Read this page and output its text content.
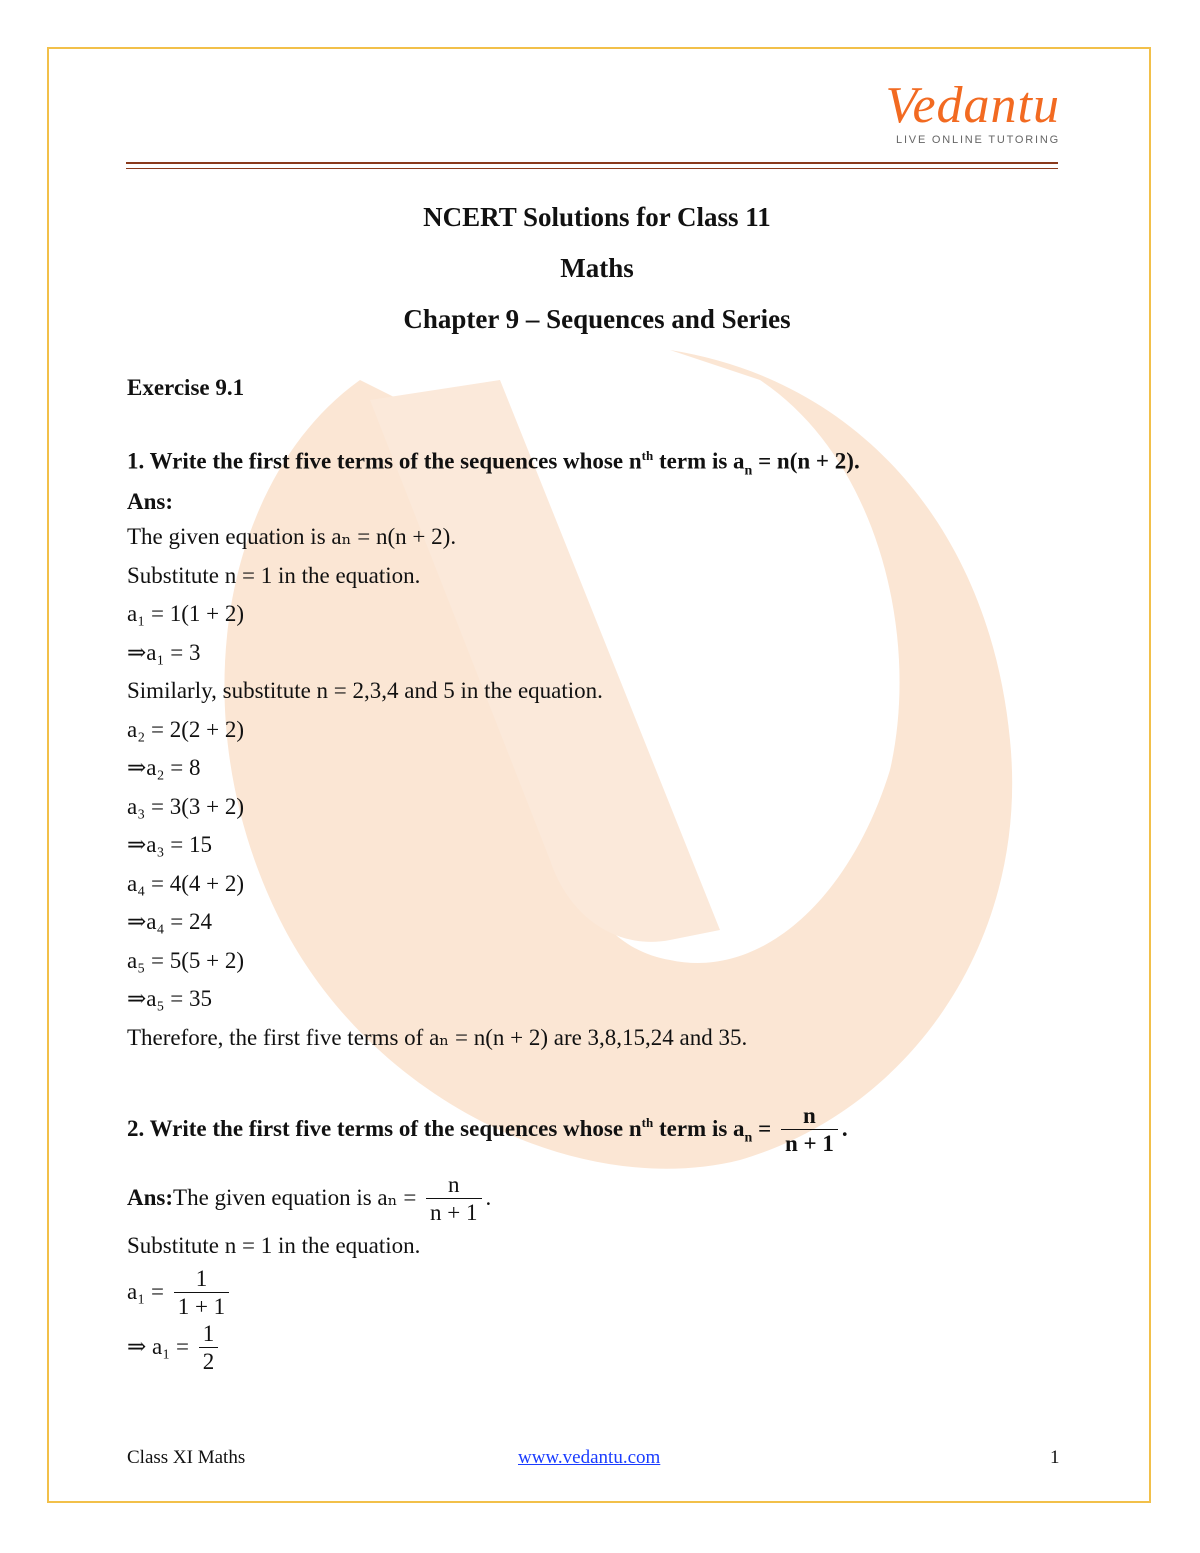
Vedantu
LIVE ONLINE TUTORING

NCERT Solutions for Class 11

Maths

Chapter 9 – Sequences and Series

Exercise 9.1
1. Write the first five terms of the sequences whose $n^{th}$ term is $a_n = n(n + 2)$.
Ans:
The given equation is aₙ = n(n + 2).
Substitute n = 1 in the equation.
a₁ = 1(1 + 2)
⇒a₁ = 3
Similarly, substitute n = 2,3,4 and 5 in the equation.
a₂ = 2(2 + 2)
⇒a₂ = 8
a₃ = 3(3 + 2)
⇒a₃ = 15
a₄ = 4(4 + 2)
⇒a₄ = 24
a₅ = 5(5 + 2)
⇒a₅ = 35
Therefore, the first five terms of aₙ = n(n + 2) are 3,8,15,24 and 35.
2. Write the first five terms of the sequences whose $n^{th}$ term is $a_n = \frac{n}{n + 1}$ .
Ans:The given equation is $a_n = \frac{n}{n + 1}$ .
Substitute n = 1 in the equation.
$a_1 = \frac{1}{1 + 1}$
⇒ $a_1 = \frac{1}{2}$
Class XI Maths	www.vedantu.com	1
